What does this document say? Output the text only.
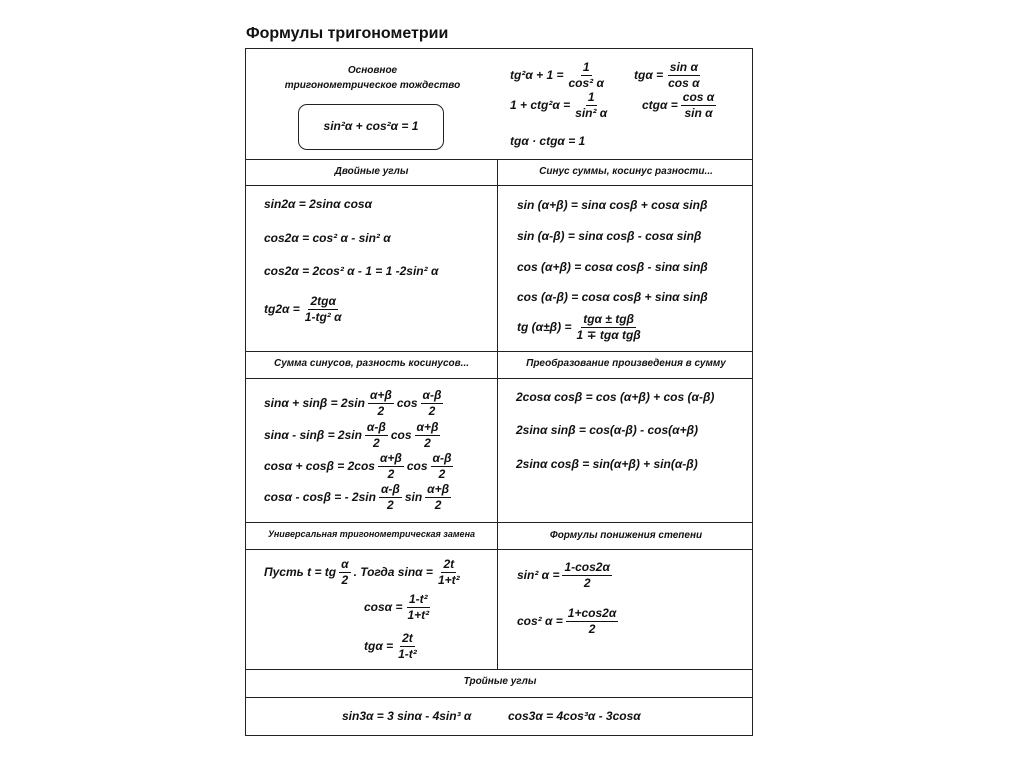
Формулы тригонометрии
Основное
тригонометрическое тождество
sin²α + cos²α = 1
$tg^2\alpha + 1 = \frac{1}{\text{cos² α}}$ $tg\alpha = \frac{\text{sin α}}{\text{cos α}}$
$1 + ctg^2\alpha = \frac{1}{\text{sin² α}}$	$ctg\alpha = \frac{\text{cos α}}{\text{sin α}}$
tgα · ctgα = 1
Двойные углы	Синус суммы, косинус разности...
sin2α = 2sinα cosα
cos2α = cos² α - sin² α
cos2α = 2cos² α - 1 = 1 -2sin² α
$tg2\alpha = \frac{\text{2tgα}}{\text{1-tg² α}}$
sin (α+β) = sinα cosβ + cosα sinβ
sin (α-β) = sinα cosβ - cosα sinβ
cos (α+β) = cosα cosβ - sinα sinβ
cos (α-β) = cosα cosβ + sinα sinβ
tg $(\alpha\pm\beta) = \frac{\text{tgα ± tgβ}}{\text{1 ∓ tgα tgβ}}$
Сумма синусов, разность косинусов...	Преобразование произведения в сумму
$\sin\alpha + \sin\beta = 2\sin \frac{\alpha+\beta}{2}$ $\cos \frac{\alpha-\beta}{2}$
$\sin\alpha - \sin\beta = 2\sin \frac{\alpha-\beta}{2}$ $\cos \frac{\alpha+\beta}{2}$
$\cos\alpha + \cos\beta = 2\cos \frac{\alpha+\beta}{2}$ $\cos \frac{\alpha-\beta}{2}$
cosα - cosβ = - $2\sin \frac{\alpha-\beta}{2}$ $\sin \frac{\alpha+\beta}{2}$
2cosα cosβ = cos (α+β) + cos (α-β)
2sinα sinβ = cos(α-β) - cos(α+β)
2sinα cosβ = sin(α+β) + sin(α-β)
Универсальная тригонометрическая замена	Формулы понижения степени
Пусть t = tg $\frac{\alpha}{2}$ . Тогда $\sin\alpha = \frac{2t}{\text{1+t²}}$
$\cos\alpha = \frac{\text{1-t²}}{\text{1+t²}}$
$tg\alpha = \frac{2t}{\text{1-t²}}$
sin² $\alpha = \frac{1-\cos 2\alpha}{2}$
cos² $\alpha = \frac{1+\cos 2\alpha}{2}$
Тройные углы
sin3α = 3 sinα - 4sin³ α	cos3α = 4cos³α - 3cosα
